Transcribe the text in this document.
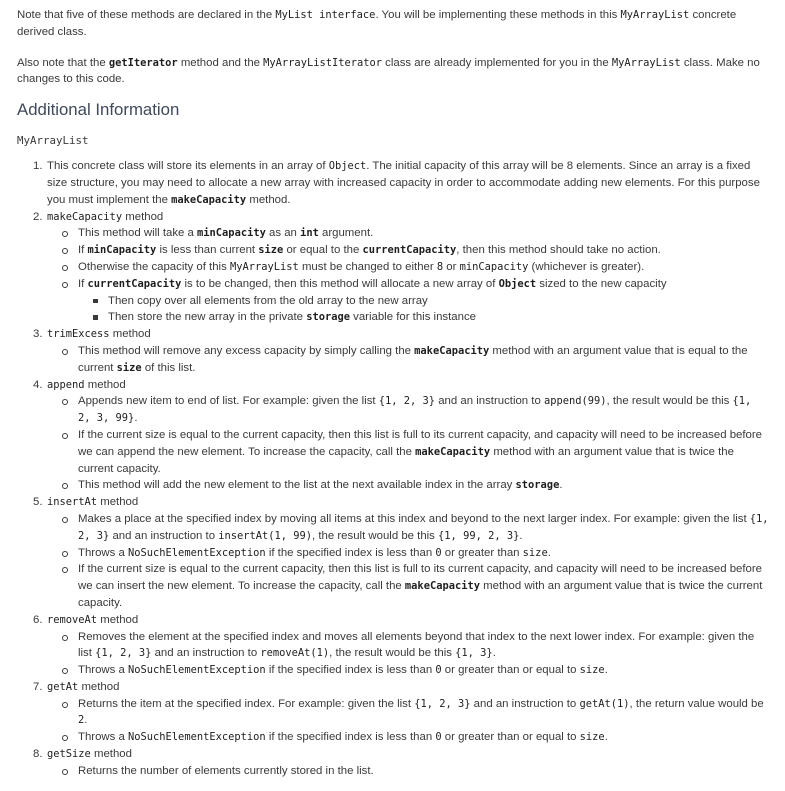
Note that five of these methods are declared in the MyList interface. You will be implementing these methods in this MyArrayList concrete derived class.

Also note that the getIterator method and the MyArrayListIterator class are already implemented for you in the MyArrayList class. Make no changes to this code.

Additional Information
MyArrayList
1. This concrete class will store its elements in an array of Object. The initial capacity of this array will be 8 elements. Since an array is a fixed size structure, you may need to allocate a new array with increased capacity in order to accommodate adding new elements. For this purpose you must implement the makeCapacity method.
2. makeCapacity method
This method will take a minCapacity as an int argument.
If minCapacity is less than current size or equal to the currentCapacity, then this method should take no action.
Otherwise the capacity of this MyArrayList must be changed to either 8 or minCapacity (whichever is greater).
If currentCapacity is to be changed, then this method will allocate a new array of Object sized to the new capacity
Then copy over all elements from the old array to the new array
Then store the new array in the private storage variable for this instance
3. trimExcess method
This method will remove any excess capacity by simply calling the makeCapacity method with an argument value that is equal to the current size of this list.
4. append method
Appends new item to end of list. For example: given the list {1, 2, 3} and an instruction to append(99), the result would be this {1, 2, 3, 99}.
If the current size is equal to the current capacity, then this list is full to its current capacity, and capacity will need to be increased before we can append the new element. To increase the capacity, call the makeCapacity method with an argument value that is twice the current capacity.
This method will add the new element to the list at the next available index in the array storage.
5. insertAt method
Makes a place at the specified index by moving all items at this index and beyond to the next larger index. For example: given the list {1, 2, 3} and an instruction to insertAt(1, 99), the result would be this {1, 99, 2, 3}.
Throws a NoSuchElementException if the specified index is less than 0 or greater than size.
If the current size is equal to the current capacity, then this list is full to its current capacity, and capacity will need to be increased before we can insert the new element. To increase the capacity, call the makeCapacity method with an argument value that is twice the current capacity.
6. removeAt method
Removes the element at the specified index and moves all elements beyond that index to the next lower index. For example: given the list {1, 2, 3} and an instruction to removeAt(1), the result would be this {1, 3}.
Throws a NoSuchElementException if the specified index is less than 0 or greater than or equal to size.
7. getAt method
Returns the item at the specified index. For example: given the list {1, 2, 3} and an instruction to getAt(1), the return value would be 2.
Throws a NoSuchElementException if the specified index is less than 0 or greater than or equal to size.
8. getSize method
Returns the number of elements currently stored in the list.
